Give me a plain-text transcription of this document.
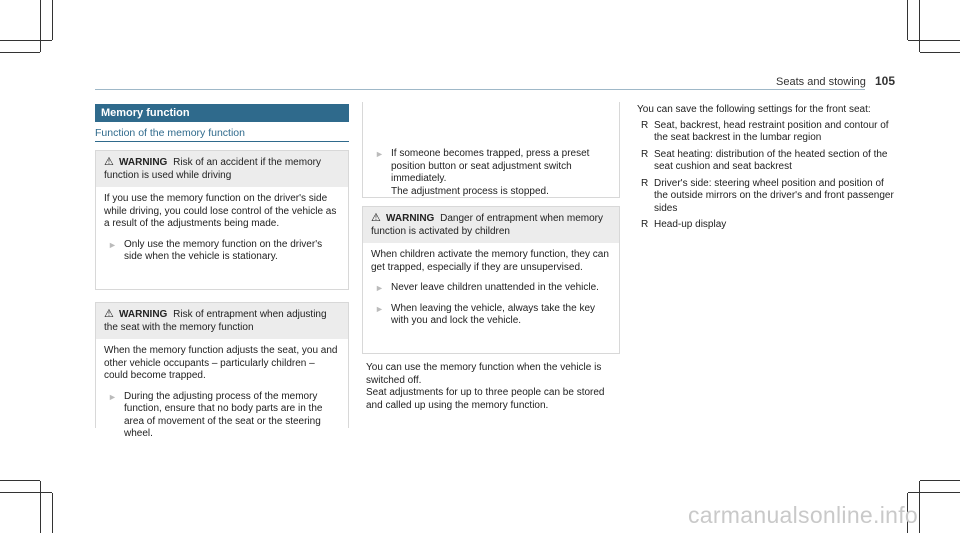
Seats and stowing 105
Memory function
Function of the memory function
⚠ WARNING Risk of an accident if the memory function is used while driving

If you use the memory function on the driver's side while driving, you could lose control of the vehicle as a result of the adjustments being made.

► Only use the memory function on the driver's side when the vehicle is stationary.
⚠ WARNING Risk of entrapment when adjusting the seat with the memory function

When the memory function adjusts the seat, you and other vehicle occupants – particularly children – could become trapped.

► During the adjusting process of the memory function, ensure that no body parts are in the area of movement of the seat or the steering wheel.
► If someone becomes trapped, press a preset position button or seat adjustment switch immediately.
The adjustment process is stopped.
⚠ WARNING Danger of entrapment when memory function is activated by children

When children activate the memory function, they can get trapped, especially if they are unsupervised.

► Never leave children unattended in the vehicle.
► When leaving the vehicle, always take the key with you and lock the vehicle.

You can use the memory function when the vehicle is switched off.

Seat adjustments for up to three people can be stored and called up using the memory function.

You can save the following settings for the front seat:

R Seat, backrest, head restraint position and contour of the seat backrest in the lumbar region
R Seat heating: distribution of the heated section of the seat cushion and seat backrest
R Driver's side: steering wheel position and position of the outside mirrors on the driver's and front passenger sides
R Head-up display
carmanualsonline.info
